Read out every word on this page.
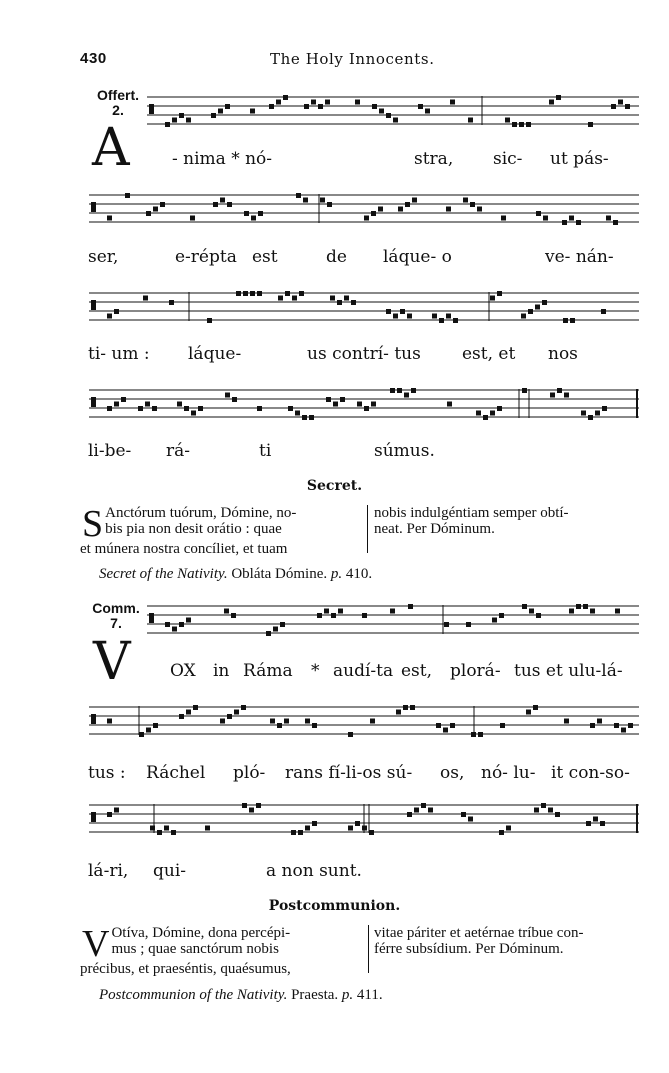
430	The Holy Innocents.
Offert.
2.
A - nima * nó-	stra, sic- ut pás-
ser,	e-répta est	de láque- o	ve- nán-
ti- um : láque-	us contrí- tus est, et nos
li-be- rá-	ti	súmus.
Secret.
S Anctórum tuórum, Dómine, no-
bis pia non desit orátio : quae
et múnera nostra concíliet, et tuam
nobis indulgéntiam semper obtí-
neat. Per Dóminum.
Secret of the Nativity. Obláta Dómine. p. 410.
Comm.
7.
V OX in Ráma * audí-ta est, plorá- tus et ulu-lá-
tus : Ráchel pló- rans fí-li-os sú- os, nó- lu- it con-so-
lá-ri, qui-	a non sunt.
Postcommunion.
V Otíva, Dómine, dona percépi-
mus ; quae sanctórum nobis
précibus, et praeséntis, quaésumus,
vitae páriter et aetérnae tríbue con-
férre subsídium. Per Dóminum.
Postcommunion of the Nativity. Praesta. p. 411.
